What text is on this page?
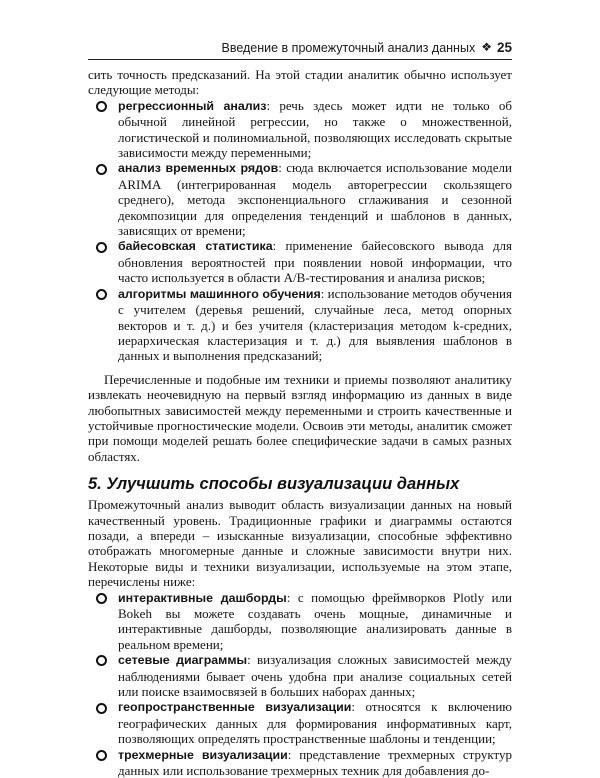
Введение в промежуточный анализ данных ❖ 25

сить точность предсказаний. На этой стадии аналитик обычно использует следующие методы:

регрессионный анализ: речь здесь может идти не только об обычной линейной регрессии, но также о множественной, логистической и полиномиальной, позволяющих исследовать скрытые зависимости между переменными;
анализ временных рядов: сюда включается использование модели ARIMA (интегрированная модель авторегрессии скользящего среднего), метода экспоненциального сглаживания и сезонной декомпозиции для определения тенденций и шаблонов в данных, зависящих от времени;
байесовская статистика: применение байесовского вывода для обновления вероятностей при появлении новой информации, что часто используется в области A/B-тестирования и анализа рисков;
алгоритмы машинного обучения: использование методов обучения с учителем (деревья решений, случайные леса, метод опорных векторов и т. д.) и без учителя (кластеризация методом k-средних, иерархическая кластеризация и т. д.) для выявления шаблонов в данных и выполнения предсказаний;

Перечисленные и подобные им техники и приемы позволяют аналитику извлекать неочевидную на первый взгляд информацию из данных в виде любопытных зависимостей между переменными и строить качественные и устойчивые прогностические модели. Освоив эти методы, аналитик сможет при помощи моделей решать более специфические задачи в самых разных областях.

5. Улучшить способы визуализации данных

Промежуточный анализ выводит область визуализации данных на новый качественный уровень. Традиционные графики и диаграммы остаются позади, а впереди – изысканные визуализации, способные эффективно отображать многомерные данные и сложные зависимости внутри них. Некоторые виды и техники визуализации, используемые на этом этапе, перечислены ниже:

интерактивные дашборды: с помощью фреймворков Plotly или Bokeh вы можете создавать очень мощные, динамичные и интерактивные дашборды, позволяющие анализировать данные в реальном времени;
сетевые диаграммы: визуализация сложных зависимостей между наблюдениями бывает очень удобна при анализе социальных сетей или поиске взаимосвязей в больших наборах данных;
геопространственные визуализации: относятся к включению географических данных для формирования информативных карт, позволяющих определять пространственные шаблоны и тенденции;
трехмерные визуализации: представление трехмерных структур данных или использование трехмерных техник для добавления до-
